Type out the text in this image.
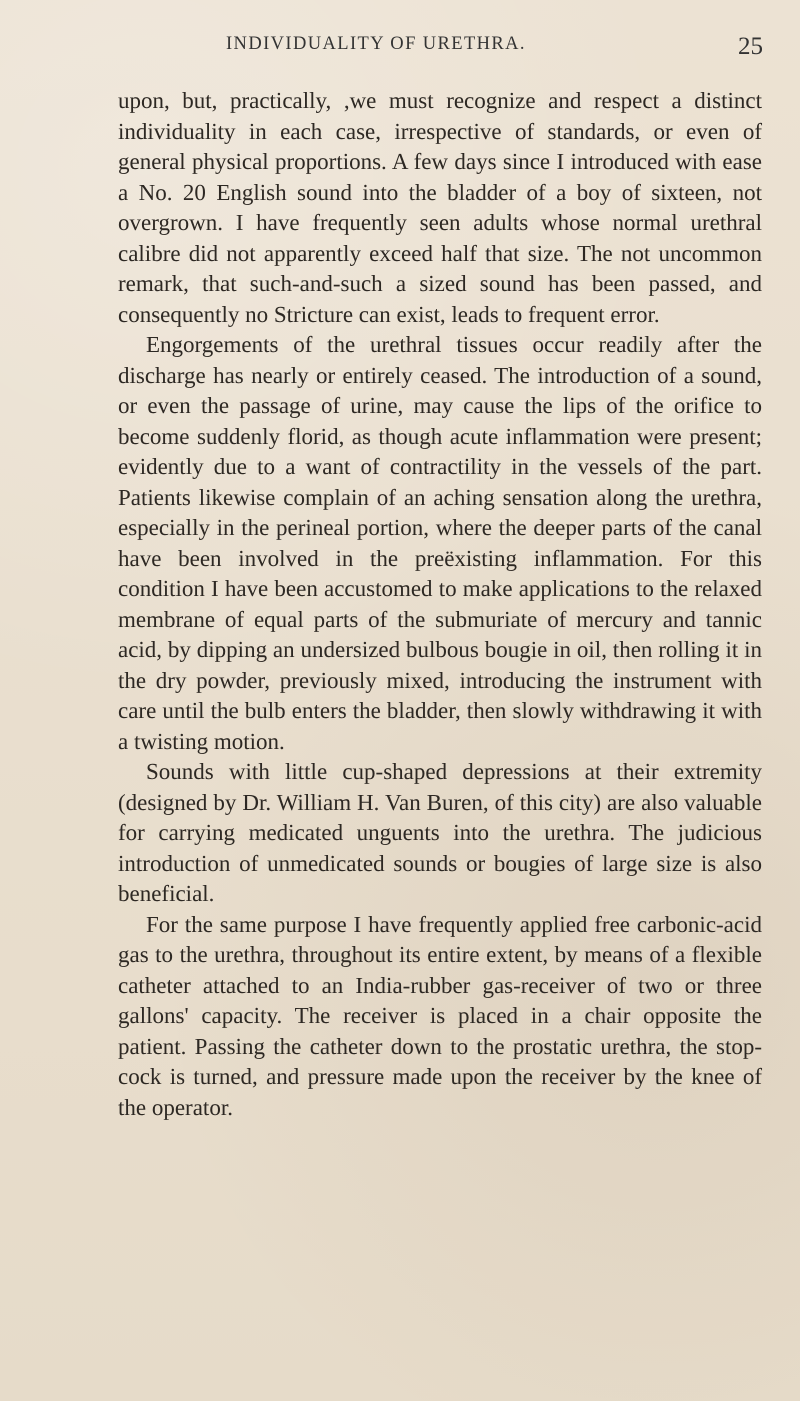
INDIVIDUALITY OF URETHRA.	25

upon, but, practically, ,we must recognize and respect a distinct individuality in each case, irrespective of standards, or even of general physical proportions. A few days since I introduced with ease a No. 20 English sound into the bladder of a boy of sixteen, not overgrown. I have frequently seen adults whose normal urethral calibre did not apparently exceed half that size. The not uncommon remark, that such-and-such a sized sound has been passed, and consequently no Stricture can exist, leads to frequent error.

Engorgements of the urethral tissues occur readily after the discharge has nearly or entirely ceased. The introduction of a sound, or even the passage of urine, may cause the lips of the orifice to become suddenly florid, as though acute inflammation were present; evidently due to a want of contractility in the vessels of the part. Patients likewise complain of an aching sensation along the urethra, especially in the perineal portion, where the deeper parts of the canal have been involved in the preëxisting inflammation. For this condition I have been accustomed to make applications to the relaxed membrane of equal parts of the submuriate of mercury and tannic acid, by dipping an undersized bulbous bougie in oil, then rolling it in the dry powder, previously mixed, introducing the instrument with care until the bulb enters the bladder, then slowly withdrawing it with a twisting motion.

Sounds with little cup-shaped depressions at their extremity (designed by Dr. William H. Van Buren, of this city) are also valuable for carrying medicated unguents into the urethra. The judicious introduction of unmedicated sounds or bougies of large size is also beneficial.

For the same purpose I have frequently applied free carbonic-acid gas to the urethra, throughout its entire extent, by means of a flexible catheter attached to an India-rubber gas-receiver of two or three gallons' capacity. The receiver is placed in a chair opposite the patient. Passing the catheter down to the prostatic urethra, the stop-cock is turned, and pressure made upon the receiver by the knee of the operator.
